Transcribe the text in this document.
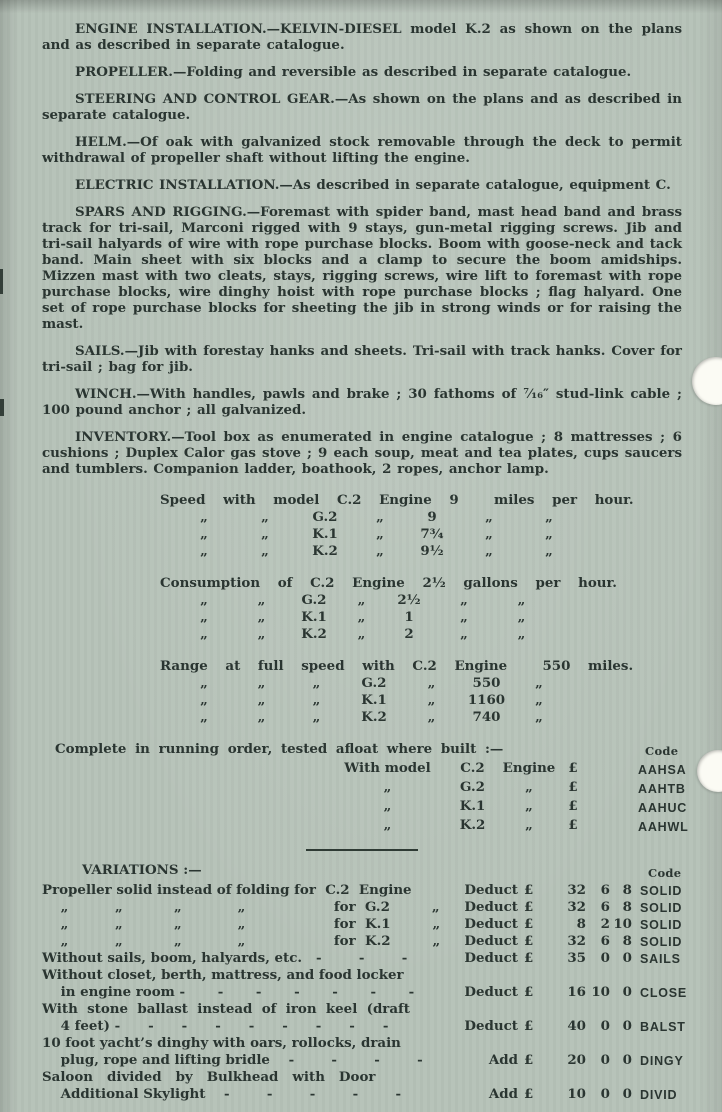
ENGINE INSTALLATION.—KELVIN-DIESEL model K.2 as shown on the plans and as described in separate catalogue.

PROPELLER.—Folding and reversible as described in separate catalogue.

STEERING AND CONTROL GEAR.—As shown on the plans and as described in separate catalogue.

HELM.—Of oak with galvanized stock removable through the deck to permit withdrawal of propeller shaft without lifting the engine.

ELECTRIC INSTALLATION.—As described in separate catalogue, equipment C.

SPARS AND RIGGING.—Foremast with spider band, mast head band and brass track for tri-sail, Marconi rigged with 9 stays, gun-metal rigging screws. Jib and tri-sail halyards of wire with rope purchase blocks. Boom with goose-neck and tack band. Main sheet with six blocks and a clamp to secure the boom amidships. Mizzen mast with two cleats, stays, rigging screws, wire lift to foremast with rope purchase blocks, wire dinghy hoist with rope purchase blocks ; flag halyard. One set of rope purchase blocks for sheeting the jib in strong winds or for raising the mast.

SAILS.—Jib with forestay hanks and sheets. Tri-sail with track hanks. Cover for tri-sail ; bag for jib.

WINCH.—With handles, pawls and brake ; 30 fathoms of ⁷⁄₁₆″ stud-link cable ; 100 pound anchor ; all galvanized.

INVENTORY.—Tool box as enumerated in engine catalogue ; 8 mattresses ; 6 cushions ; Duplex Calor gas stove ; 9 each soup, meat and tea plates, cups saucers and tumblers. Companion ladder, boathook, 2 ropes, anchor lamp.

Speed with model C.2 Engine 9  miles per hour.
„	„	G.2	„	9	„	„
„	„	K.1	„	7¾	„	„
„	„	K.2	„	9½	„	„
Consumption of C.2 Engine 2½ gallons per hour.
„	„	G.2	„	2½	„	„
„	„	K.1	„	1	„	„
„	„	K.2	„	2	„	„
Range at full speed with C.2 Engine  550 miles.
„	„	„	G.2	„	550	„
„	„	„	K.1	„	1160	„
„	„	„	K.2	„	740	„
Complete in running order, tested afloat where built :—	Code
With model	C.2	Engine £	AAHSA
„	G.2	„	£	AAHTB
„	K.1	„	£	AAHUC
„	K.2	„	£	AAHWL
VARIATIONS :—	Code
Propeller solid instead of folding for  C.2  Engine	Deduct £	32	6 8 SOLID
„          „           „            „                   for  G.2         „	Deduct £	32	6 8 SOLID
„          „           „            „                   for  K.1         „	Deduct £	8	2 10 SOLID
„          „           „            „                   for  K.2         „	Deduct £	32	6 8 SOLID
Without sails, boom, halyards, etc.   -        -        -	Deduct £	35	0 0 SAILS
Without closet, berth, mattress, and food locker
in engine room -       -       -       -       -       -       -	Deduct £	16 10 0 CLOSE
With  stone  ballast  instead  of  iron  keel  (draft
4 feet) -      -      -      -      -      -      -      -      -	Deduct £	40	0 0 BALST
10 foot yacht’s dinghy with oars, rollocks, drain
plug, rope and lifting bridle    -        -        -        -	Add £	20	0 0 DINGY
Saloon   divided   by   Bulkhead   with   Door
Additional Skylight    -        -        -        -        -	Add £	10	0 0 DIVID
